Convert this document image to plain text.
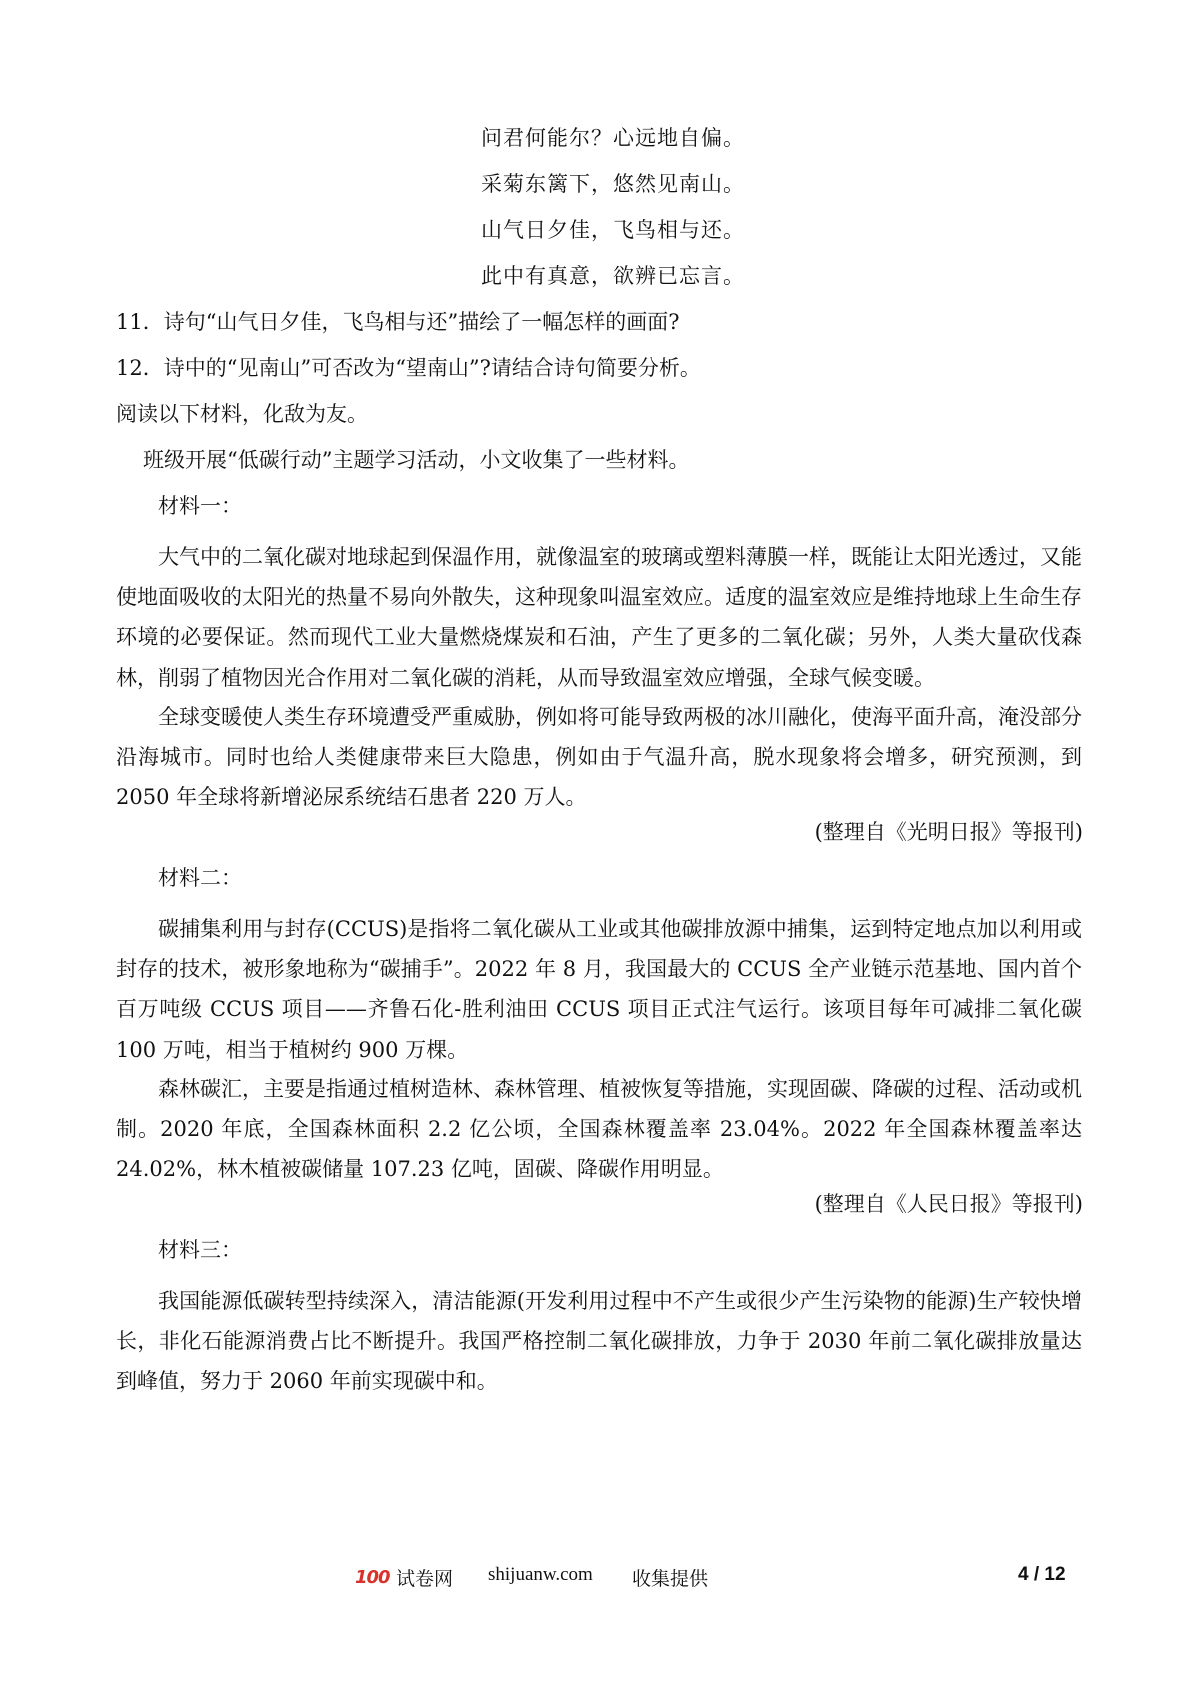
问君何能尔？心远地自偏。
采菊东篱下，悠然见南山。
山气日夕佳，飞鸟相与还。
此中有真意，欲辨已忘言。
11．诗句“山气日夕佳，飞鸟相与还”描绘了一幅怎样的画面?
12．诗中的“见南山”可否改为“望南山”?请结合诗句简要分析。
阅读以下材料，化敌为友。
班级开展“低碳行动”主题学习活动，小文收集了一些材料。
材料一：
大气中的二氧化碳对地球起到保温作用，就像温室的玻璃或塑料薄膜一样，既能让太阳光透过，又能使地面吸收的太阳光的热量不易向外散失，这种现象叫温室效应。适度的温室效应是维持地球上生命生存环境的必要保证。然而现代工业大量燃烧煤炭和石油，产生了更多的二氧化碳；另外，人类大量砍伐森林，削弱了植物因光合作用对二氧化碳的消耗，从而导致温室效应增强，全球气候变暖。
全球变暖使人类生存环境遭受严重威胁，例如将可能导致两极的冰川融化，使海平面升高，淹没部分沿海城市。同时也给人类健康带来巨大隐患，例如由于气温升高，脱水现象将会增多，研究预测，到 2050 年全球将新增泌尿系统结石患者 220 万人。
(整理自《光明日报》等报刊)
材料二：
碳捕集利用与封存(CCUS)是指将二氧化碳从工业或其他碳排放源中捕集，运到特定地点加以利用或封存的技术，被形象地称为“碳捕手”。2022 年 8 月，我国最大的 CCUS 全产业链示范基地、国内首个百万吨级 CCUS 项目——齐鲁石化-胜利油田 CCUS 项目正式注气运行。该项目每年可减排二氧化碳 100 万吨，相当于植树约 900 万棵。
森林碳汇，主要是指通过植树造林、森林管理、植被恢复等措施，实现固碳、降碳的过程、活动或机制。2020 年底，全国森林面积 2.2 亿公顷，全国森林覆盖率 23.04%。2022 年全国森林覆盖率达 24.02%，林木植被碳储量 107.23 亿吨，固碳、降碳作用明显。
(整理自《人民日报》等报刊)
材料三：
我国能源低碳转型持续深入，清洁能源(开发利用过程中不产生或很少产生污染物的能源)生产较快增长，非化石能源消费占比不断提升。我国严格控制二氧化碳排放，力争于 2030 年前二氧化碳排放量达到峰值，努力于 2060 年前实现碳中和。
100 试卷网 shijuanw.com 收集提供	4 / 12
